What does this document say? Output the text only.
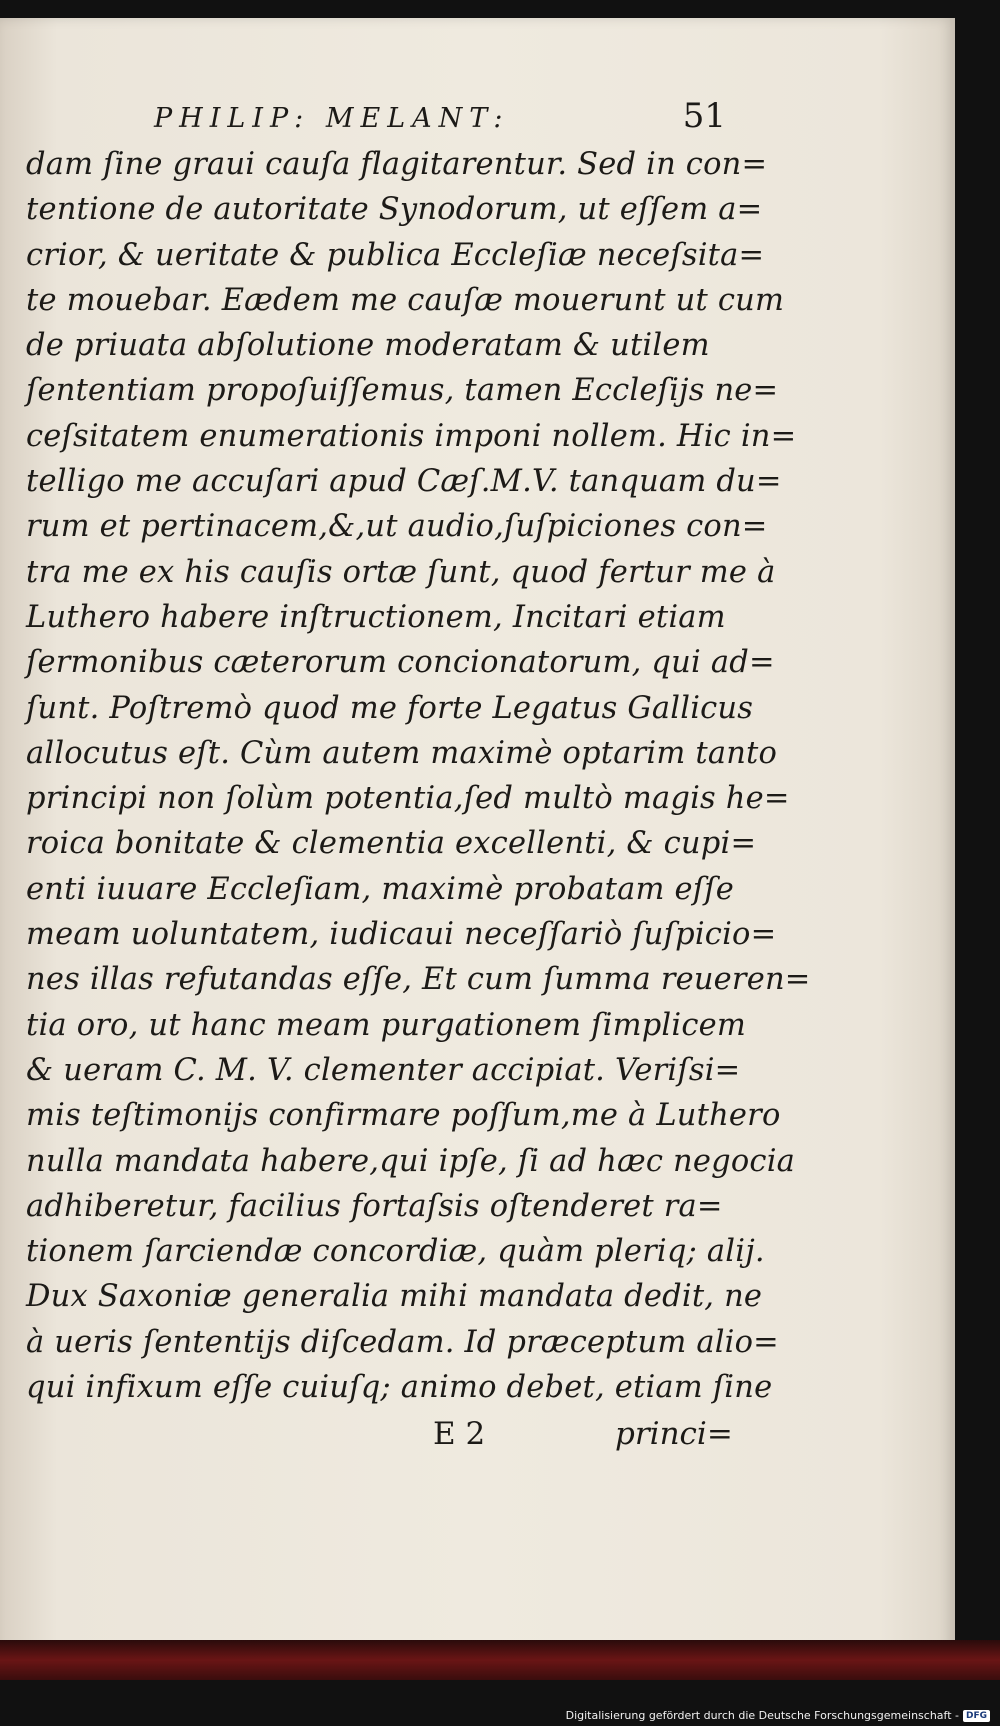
PHILIP: MELANT:	51
dam ſine graui cauſa flagitarentur. Sed in con=
tentione de autoritate Synodorum, ut eſſem a=
crior, & ueritate & publica Eccleſiæ neceſsita=
te mouebar. Eædem me cauſæ mouerunt ut cum
de priuata abſolutione moderatam & utilem
ſententiam propoſuiſſemus, tamen Eccleſijs ne=
ceſsitatem enumerationis imponi nollem. Hic in=
telligo me accuſari apud Cæſ.M.V. tanquam du=
rum et pertinacem,&,ut audio,ſuſpiciones con=
tra me ex his cauſis ortæ ſunt, quod fertur me à
Luthero habere inſtructionem, Incitari etiam
ſermonibus cæterorum concionatorum, qui ad=
ſunt. Poſtremò quod me forte Legatus Gallicus
allocutus eſt. Cùm autem maximè optarim tanto
principi non ſolùm potentia,ſed multò magis he=
roica bonitate & clementia excellenti, & cupi=
enti iuuare Eccleſiam, maximè probatam eſſe
meam uoluntatem, iudicaui neceſſariò ſuſpicio=
nes illas refutandas eſſe, Et cum ſumma reueren=
tia oro, ut hanc meam purgationem ſimplicem
& ueram C. M. V. clementer accipiat. Veriſsi=
mis teſtimonijs confirmare poſſum,me à Luthero
nulla mandata habere,qui ipſe, ſi ad hæc negocia
adhiberetur, facilius fortaſsis oſtenderet ra=
tionem ſarciendæ concordiæ, quàm pleriq; alij.
Dux Saxoniæ generalia mihi mandata dedit, ne
à ueris ſententijs diſcedam. Id præceptum alio=
qui infixum eſſe cuiuſq; animo debet, etiam ſine
E 2	princi=
Digitalisierung gefördert durch die Deutsche Forschungsgemeinschaft - DFG
